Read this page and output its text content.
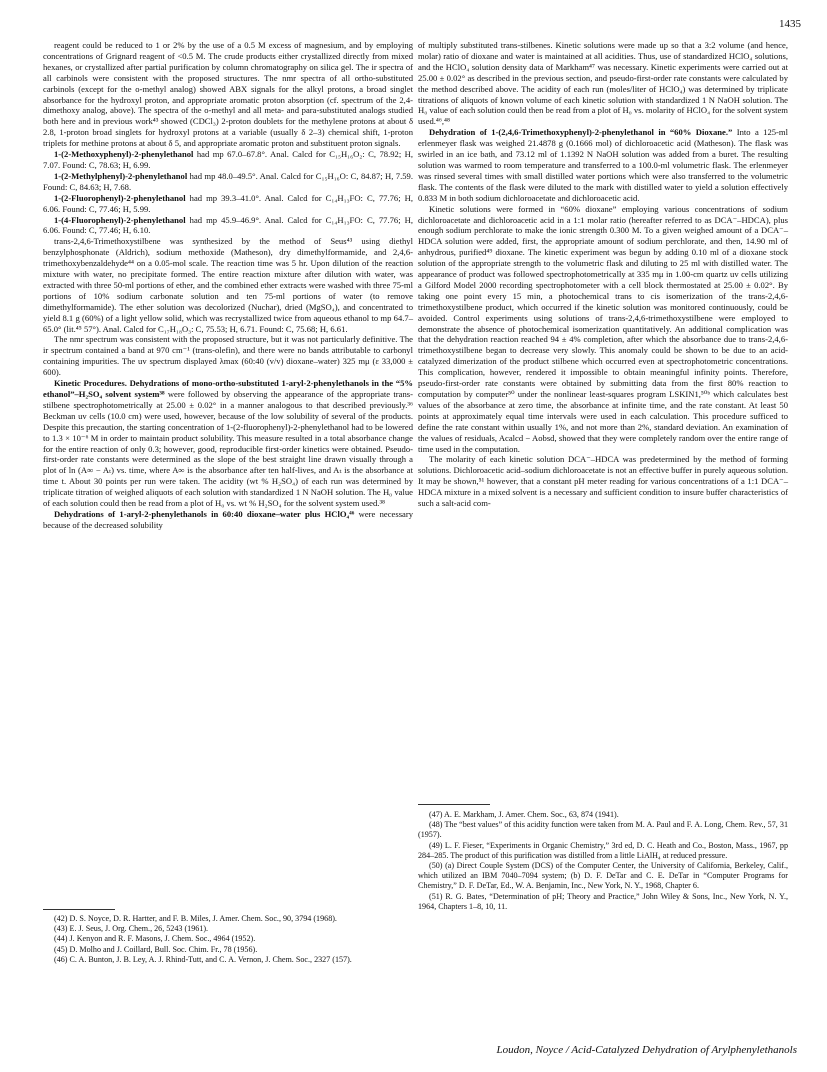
1435

reagent could be reduced to 1 or 2% by the use of a 0.5 M excess of magnesium, and by employing concentrations of Grignard reagent of <0.5 M. The crude products either crystallized directly from mixed hexanes, or crystallized after partial purification by column chromatography on silica gel. The ir spectra of all carbinols were consistent with the proposed structures. The nmr spectra of all ortho-substituted carbinols (except for the o-methyl analog) showed ABX signals for the alkyl protons, a broad singlet absorbance for the hydroxyl proton, and appropriate aromatic proton absorption (cf. spectrum of the 2,4-dimethoxy analog, above). The spectra of the o-methyl and all meta- and para-substituted analogs studied both here and in previous work⁴³ showed (CDCl₃) 2-proton doublets for the methylene protons at about δ 2.8, 1-proton broad singlets for hydroxyl protons at a variable (usually δ 2–3) chemical shift, 1-proton triplets for methine protons at about δ 5, and appropriate aromatic proton and substituent proton signals.

1-(2-Methoxyphenyl)-2-phenylethanol had mp 67.0–67.8°. Anal. Calcd for C₁₅H₁₆O₂: C, 78.92; H, 7.07. Found: C, 78.63; H, 6.99.

1-(2-Methylphenyl)-2-phenylethanol had mp 48.0–49.5°. Anal. Calcd for C₁₅H₁₆O: C, 84.87; H, 7.59. Found: C, 84.63; H, 7.68.

1-(2-Fluorophenyl)-2-phenylethanol had mp 39.3–41.0°. Anal. Calcd for C₁₄H₁₃FO: C, 77.76; H, 6.06. Found: C, 77.46; H, 5.99.

1-(4-Fluorophenyl)-2-phenylethanol had mp 45.9–46.9°. Anal. Calcd for C₁₄H₁₃FO: C, 77.76; H, 6.06. Found: C, 77.46; H, 6.10.

trans-2,4,6-Trimethoxystilbene was synthesized by the method of Seus⁴³ using diethyl benzylphosphonate (Aldrich), sodium methoxide (Matheson), dry dimethylformamide, and 2,4,6-trimethoxybenzaldehyde⁴⁴ on a 0.05-mol scale. The reaction time was 5 hr. Upon dilution of the reaction mixture with water, no precipitate formed. The entire reaction mixture after dilution with water, was extracted with three 50-ml portions of ether, and the combined ether extracts were washed with three 75-ml portions of 10% sodium carbonate solution and ten 75-ml portions of water (to remove dimethylformamide). The ether solution was decolorized (Nuchar), dried (MgSO₄), and concentrated to yield 8.1 g (60%) of a light yellow solid, which was recrystallized twice from aqueous ethanol to mp 64.7–65.0° (lit.⁴⁵ 57°). Anal. Calcd for C₁₇H₁₈O₃: C, 75.53; H, 6.71. Found: C, 75.68; H, 6.61.

The nmr spectrum was consistent with the proposed structure, but it was not particularly definitive. The ir spectrum contained a band at 970 cm⁻¹ (trans-olefin), and there were no bands attributable to carbonyl containing impurities. The uv spectrum displayed λmax (60:40 (v/v) dioxane–water) 325 mμ (ε 33,000 ± 600).

Kinetic Procedures. Dehydrations of mono-ortho-substituted 1-aryl-2-phenylethanols in the “5% ethanol”–H₂SO₄ solvent system³⁸ were followed by observing the appearance of the appropriate trans-stilbene spectrophotometrically at 25.00 ± 0.02° in a manner analogous to that described previously.³⁶ Beckman uv cells (10.0 cm) were used, however, because of the low solubility of several of the products. Despite this precaution, the starting concentration of 1-(2-fluorophenyl)-2-phenylethanol had to be lowered to 1.3 × 10⁻⁶ M in order to maintain product solubility. This measure resulted in a total absorbance change for the entire reaction of only 0.3; however, good, reproducible first-order kinetics were obtained. Pseudo-first-order rate constants were determined as the slope of the best straight line drawn visually through a plot of ln (A∞ − Aₜ) vs. time, where A∞ is the absorbance after ten half-lives, and Aₜ is the absorbance at time t. About 30 points per run were taken. The acidity (wt % H₂SO₄) of each run was determined by triplicate titration of weighed aliquots of each solution with standardized 1 N NaOH solution. The H₀ value of each solution could then be read from a plot of H₀ vs. wt % H₂SO₄ for the solvent system used.³⁸

Dehydrations of 1-aryl-2-phenylethanols in 60:40 dioxane–water plus HClO₄⁴⁶ were necessary because of the decreased solubility

of multiply substituted trans-stilbenes. Kinetic solutions were made up so that a 3:2 volume (and hence, molar) ratio of dioxane and water is maintained at all acidities. Thus, use of standardized HClO₄ solutions, and the HClO₄ solution density data of Markham⁴⁷ was necessary. Kinetic experiments were carried out at 25.00 ± 0.02° as described in the previous section, and pseudo-first-order rate constants were calculated by the method described above. The acidity of each run (moles/liter of HClO₄) was determined by triplicate titrations of aliquots of known volume of each kinetic solution with standardized 1 N NaOH solution. The H₀ value of each solution could then be read from a plot of H₀ vs. molarity of HClO₄ for the solvent system used.⁴⁶,⁴⁸

Dehydration of 1-(2,4,6-Trimethoxyphenyl)-2-phenylethanol in “60% Dioxane.” Into a 125-ml erlenmeyer flask was weighed 21.4878 g (0.1666 mol) of dichloroacetic acid (Matheson). The flask was swirled in an ice bath, and 73.12 ml of 1.1392 N NaOH solution was added from a buret. The resulting solution was warmed to room temperature and transferred to a 100.0-ml volumetric flask. The erlenmeyer was rinsed several times with small distilled water portions which were also transferred to the volumetric flask. The contents of the flask were diluted to the mark with distilled water to yield a solution effectively 0.833 M in both sodium dichloroacetate and dichloroacetic acid.

Kinetic solutions were formed in “60% dioxane” employing various concentrations of sodium dichloroacetate and dichloroacetic acid in a 1:1 molar ratio (hereafter referred to as DCA⁻–HDCA), plus enough sodium perchlorate to make the ionic strength 0.300 M. To a given weighed amount of a DCA⁻–HDCA solution were added, first, the appropriate amount of sodium perchlorate, and then, 14.90 ml of anhydrous, purified⁴⁹ dioxane. The kinetic experiment was begun by adding 0.10 ml of a dioxane stock solution of the appropriate strength to the volumetric flask and diluting to 25 ml with distilled water. The appearance of product was followed spectrophotometrically at 335 mμ in 1.00-cm quartz uv cells utilizing a Gilford Model 2000 recording spectrophotometer with a cell block thermostated at 25.00 ± 0.02°. By taking one point every 15 min, a photochemical trans to cis isomerization of the trans-2,4,6-trimethoxystilbene product, which occurred if the kinetic solution was monitored continuously, could be avoided. Control experiments using solutions of trans-2,4,6-trimethoxystilbene were employed to demonstrate the absence of photochemical isomerization quantitatively. An additional complication was that the dehydration reaction reached 94 ± 4% completion, after which the absorbance due to trans-2,4,6-trimethoxystilbene began to decrease very slowly. This anomaly could be shown to be due to an acid-catalyzed dimerization of the product stilbene which occurred even at spectrophotometric concentrations. This complication, however, rendered it impossible to obtain meaningful infinity points. Therefore, pseudo-first-order rate constants were obtained by submitting data from the first 80% reaction to computation by computer⁵⁰ under the nonlinear least-squares program LSKIN1,⁵⁰ᵇ which calculates best values of the absorbance at zero time, the absorbance at infinite time, and the rate constant. At least 50 points at approximately equal time intervals were used in each calculation. This procedure sufficed to define the rate constant within usually 1%, and not more than 2%, standard deviation. An examination of the values of residuals, Acalcd − Aobsd, showed that they were completely random over the entire range of time used in the computation.

The molarity of each kinetic solution DCA⁻–HDCA was predetermined by the method of forming solutions. Dichloroacetic acid–sodium dichloroacetate is not an effective buffer in purely aqueous solution. It may be shown,⁵¹ however, that a constant pH meter reading for various concentrations of a 1:1 DCA⁻–HDCA mixture in a mixed solvent is a necessary and sufficient condition to insure buffer characteristics of such a salt-acid com-

(42) D. S. Noyce, D. R. Hartter, and F. B. Miles, J. Amer. Chem. Soc., 90, 3794 (1968).
(43) E. J. Seus, J. Org. Chem., 26, 5243 (1961).
(44) J. Kenyon and R. F. Masons, J. Chem. Soc., 4964 (1952).
(45) D. Molho and J. Coillard, Bull. Soc. Chim. Fr., 78 (1956).
(46) C. A. Bunton, J. B. Ley, A. J. Rhind-Tutt, and C. A. Vernon, J. Chem. Soc., 2327 (157).
(47) A. E. Markham, J. Amer. Chem. Soc., 63, 874 (1941).
(48) The “best values” of this acidity function were taken from M. A. Paul and F. A. Long, Chem. Rev., 57, 31 (1957).
(49) L. F. Fieser, “Experiments in Organic Chemistry,” 3rd ed, D. C. Heath and Co., Boston, Mass., 1967, pp 284–285. The product of this purification was distilled from a little LiAlH₄ at reduced pressure.
(50) (a) Direct Couple System (DCS) of the Computer Center, the University of California, Berkeley, Calif., which utilized an IBM 7040–7094 system; (b) D. F. DeTar and C. E. DeTar in “Computer Programs for Chemistry,” D. F. DeTar, Ed., W. A. Benjamin, Inc., New York, N. Y., 1968, Chapter 6.
(51) R. G. Bates, “Determination of pH; Theory and Practice,” John Wiley & Sons, Inc., New York, N. Y., 1964, Chapters 1–8, 10, 11.
Loudon, Noyce / Acid-Catalyzed Dehydration of Arylphenylethanols
